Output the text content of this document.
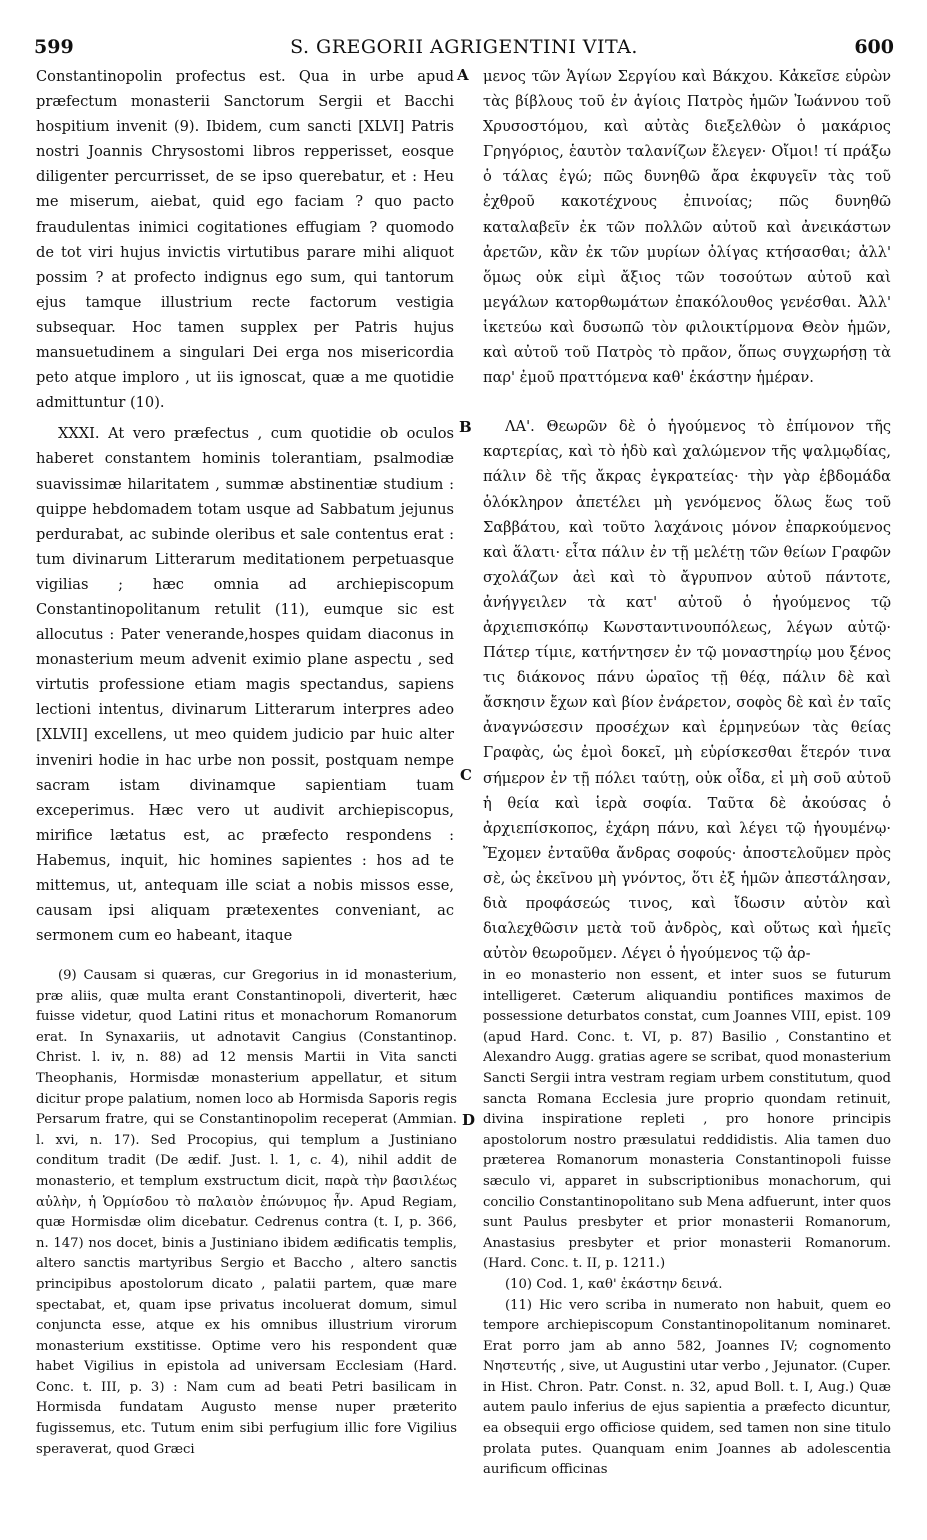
599	S. GREGORII AGRIGENTINI VITA.	600
A
B
C
D

Constantinopolin profectus est. Qua in urbe apud præfectum monasterii Sanctorum Sergii et Bacchi hospitium invenit (9). Ibidem, cum sancti [XLVI] Patris nostri Joannis Chrysostomi libros repperisset, eosque diligenter percurrisset, de se ipso querebatur, et : Heu me miserum, aiebat, quid ego faciam ? quo pacto fraudulentas inimici cogitationes effugiam ? quomodo de tot viri hujus invictis virtutibus parare mihi aliquot possim ? at profecto indignus ego sum, qui tantorum ejus tamque illustrium recte factorum vestigia subsequar. Hoc tamen supplex per Patris hujus mansuetudinem a singulari Dei erga nos misericordia peto atque imploro , ut iis ignoscat, quæ a me quotidie admittuntur (10).

XXXI. At vero præfectus , cum quotidie ob oculos haberet constantem hominis tolerantiam, psalmodiæ suavissimæ hilaritatem , summæ abstinentiæ studium : quippe hebdomadem totam usque ad Sabbatum jejunus perdurabat, ac subinde oleribus et sale contentus erat : tum divinarum Litterarum meditationem perpetuasque vigilias ; hæc omnia ad archiepiscopum Constantinopolitanum retulit (11), eumque sic est allocutus : Pater venerande,hospes quidam diaconus in monasterium meum advenit eximio plane aspectu , sed virtutis professione etiam magis spectandus, sapiens lectioni intentus, divinarum Litterarum interpres adeo [XLVII] excellens, ut meo quidem judicio par huic alter inveniri hodie in hac urbe non possit, postquam nempe sacram istam divinamque sapientiam tuam exceperimus. Hæc vero ut audivit archiepiscopus, mirifice lætatus est, ac præfecto respondens : Habemus, inquit, hic homines sapientes : hos ad te mittemus, ut, antequam ille sciat a nobis missos esse, causam ipsi aliquam prætexentes conveniant, ac sermonem cum eo habeant, itaque

μενος τῶν Ἁγίων Σεργίου καὶ Βάκχου. Κἀκεῖσε εὑρὼν τὰς βίβλους τοῦ ἐν ἁγίοις Πατρὸς ἡμῶν Ἰωάννου τοῦ Χρυσοστόμου, καὶ αὐτὰς διεξελθὼν ὁ μακάριος Γρηγόριος, ἑαυτὸν ταλανίζων ἔλεγεν· Οἴμοι! τί πράξω ὁ τάλας ἐγώ; πῶς δυνηθῶ ἄρα ἐκφυγεῖν τὰς τοῦ ἐχθροῦ κακοτέχνους ἐπινοίας; πῶς δυνηθῶ καταλαβεῖν ἐκ τῶν πολλῶν αὐτοῦ καὶ ἀνεικάστων ἀρετῶν, κἂν ἐκ τῶν μυρίων ὀλίγας κτήσασθαι; ἀλλ' ὅμως οὐκ εἰμὶ ἄξιος τῶν τοσούτων αὐτοῦ καὶ μεγάλων κατορθωμάτων ἐπακόλουθος γενέσθαι. Ἀλλ' ἱκετεύω καὶ δυσωπῶ τὸν φιλοικτίρμονα Θεὸν ἡμῶν, καὶ αὐτοῦ τοῦ Πατρὸς τὸ πρᾶον, ὅπως συγχωρήσῃ τὰ παρ' ἐμοῦ πραττόμενα καθ' ἑκάστην ἡμέραν.

ΛΑ'. Θεωρῶν δὲ ὁ ἡγούμενος τὸ ἐπίμονον τῆς καρτερίας, καὶ τὸ ἡδὺ καὶ χαλώμενον τῆς ψαλμῳδίας, πάλιν δὲ τῆς ἄκρας ἐγκρατείας· τὴν γὰρ ἑβδομάδα ὁλόκληρον ἀπετέλει μὴ γενόμενος ὅλως ἕως τοῦ Σαββάτου, καὶ τοῦτο λαχάνοις μόνον ἐπαρκούμενος καὶ ἅλατι· εἶτα πάλιν ἐν τῇ μελέτῃ τῶν θείων Γραφῶν σχολάζων ἀεὶ καὶ τὸ ἄγρυπνον αὐτοῦ πάντοτε, ἀνήγγειλεν τὰ κατ' αὐτοῦ ὁ ἡγούμενος τῷ ἀρχιεπισκόπῳ Κωνσταντινουπόλεως, λέγων αὐτῷ· Πάτερ τίμιε, κατήντησεν ἐν τῷ μοναστηρίῳ μου ξένος τις διάκονος πάνυ ὡραῖος τῇ θέᾳ, πάλιν δὲ καὶ ἄσκησιν ἔχων καὶ βίον ἐνάρετον, σοφὸς δὲ καὶ ἐν ταῖς ἀναγνώσεσιν προσέχων καὶ ἑρμηνεύων τὰς θείας Γραφὰς, ὡς ἐμοὶ δοκεῖ, μὴ εὑρίσκεσθαι ἕτερόν τινα σήμερον ἐν τῇ πόλει ταύτῃ, οὐκ οἶδα, εἰ μὴ σοῦ αὐτοῦ ἡ θεία καὶ ἱερὰ σοφία. Ταῦτα δὲ ἀκούσας ὁ ἀρχιεπίσκοπος, ἐχάρη πάνυ, καὶ λέγει τῷ ἡγουμένῳ· Ἔχομεν ἐνταῦθα ἄνδρας σοφούς· ἀποστελοῦμεν πρὸς σὲ, ὡς ἐκεῖνου μὴ γνόντος, ὅτι ἐξ ἡμῶν ἀπεστάλησαν, διὰ προφάσεώς τινος, καὶ ἴδωσιν αὐτὸν καὶ διαλεχθῶσιν μετὰ τοῦ ἀνδρὸς, καὶ οὕτως καὶ ἡμεῖς αὐτὸν θεωροῦμεν. Λέγει ὁ ἡγούμενος τῷ ἀρ-

(9) Causam si quæras, cur Gregorius in id monasterium, præ aliis, quæ multa erant Constantinopoli, diverterit, hæc fuisse videtur, quod Latini ritus et monachorum Romanorum erat. In Synaxariis, ut adnotavit Cangius (Constantinop. Christ. l. iv, n. 88) ad 12 mensis Martii in Vita sancti Theophanis, Hormisdæ monasterium appellatur, et situm dicitur prope palatium, nomen loco ab Hormisda Saporis regis Persarum fratre, qui se Constantinopolim receperat (Ammian. l. xvi, n. 17). Sed Procopius, qui templum a Justiniano conditum tradit (De ædif. Just. l. 1, c. 4), nihil addit de monasterio, et templum exstructum dicit, παρὰ τὴν βασιλέως αὐλὴν, ἡ Ὁρμίσδου τὸ παλαιὸν ἐπώνυμος ἦν. Apud Regiam, quæ Hormisdæ olim dicebatur. Cedrenus contra (t. I, p. 366, n. 147) nos docet, binis a Justiniano ibidem ædificatis templis, altero sanctis martyribus Sergio et Baccho , altero sanctis principibus apostolorum dicato , palatii partem, quæ mare spectabat, et, quam ipse privatus incoluerat domum, simul conjuncta esse, atque ex his omnibus illustrium virorum monasterium exstitisse. Optime vero his respondent quæ habet Vigilius in epistola ad universam Ecclesiam (Hard. Conc. t. III, p. 3) : Nam cum ad beati Petri basilicam in Hormisda fundatam Augusto mense nuper præterito fugissemus, etc. Tutum enim sibi perfugium illic fore Vigilius speraverat, quod Græci

in eo monasterio non essent, et inter suos se futurum intelligeret. Cæterum aliquandiu pontifices maximos de possessione deturbatos constat, cum Joannes VIII, epist. 109 (apud Hard. Conc. t. VI, p. 87) Basilio , Constantino et Alexandro Augg. gratias agere se scribat, quod monasterium Sancti Sergii intra vestram regiam urbem constitutum, quod sancta Romana Ecclesia jure proprio quondam retinuit, divina inspiratione repleti , pro honore principis apostolorum nostro præsulatui reddidistis. Alia tamen duo præterea Romanorum monasteria Constantinopoli fuisse sæculo vi, apparet in subscriptionibus monachorum, qui concilio Constantinopolitano sub Mena adfuerunt, inter quos sunt Paulus presbyter et prior monasterii Romanorum, Anastasius presbyter et prior monasterii Romanorum. (Hard. Conc. t. II, p. 1211.)

(10) Cod. 1, καθ' ἑκάστην δεινά.

(11) Hic vero scriba in numerato non habuit, quem eo tempore archiepiscopum Constantinopolitanum nominaret. Erat porro jam ab anno 582, Joannes IV; cognomento Νηστευτής , sive, ut Augustini utar verbo , Jejunator. (Cuper. in Hist. Chron. Patr. Const. n. 32, apud Boll. t. I, Aug.) Quæ autem paulo inferius de ejus sapientia a præfecto dicuntur, ea obsequii ergo officiose quidem, sed tamen non sine titulo prolata putes. Quanquam enim Joannes ab adolescentia aurificum officinas
